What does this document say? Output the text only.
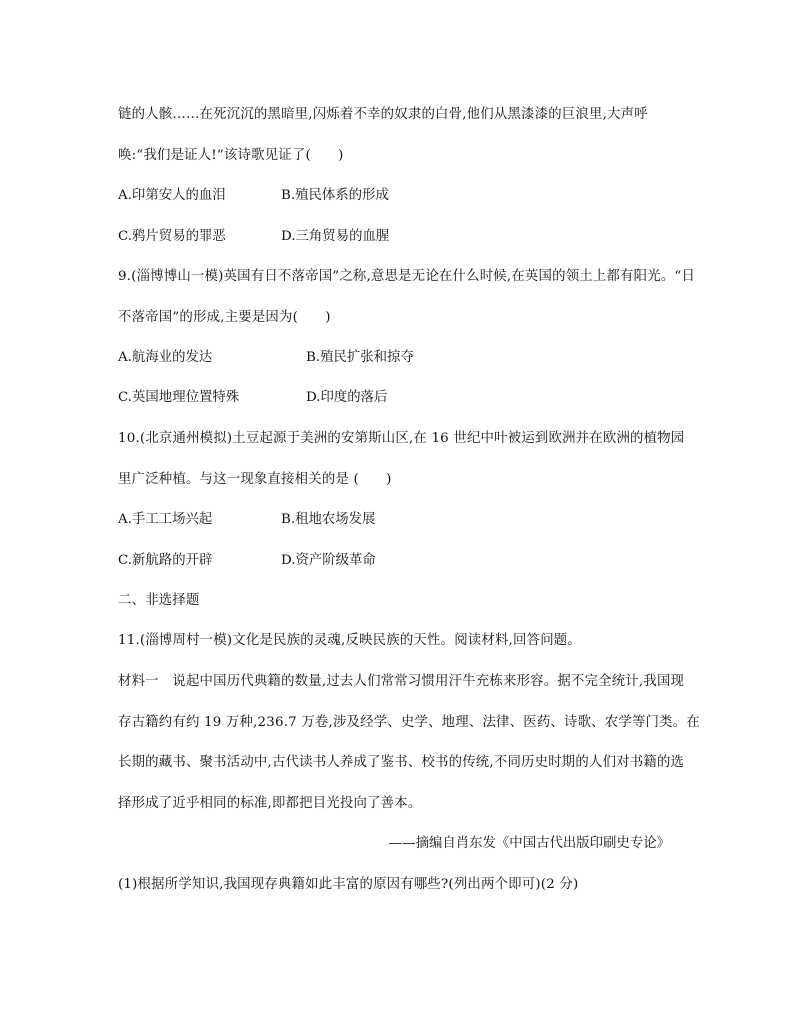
链的人骸……在死沉沉的黑暗里,闪烁着不幸的奴隶的白骨,他们从黑漆漆的巨浪里,大声呼
唤:“我们是证人!”该诗歌见证了(　　)
A.印第安人的血泪	B.殖民体系的形成
C.鸦片贸易的罪恶	D.三角贸易的血腥
9.(淄博博山一模)英国有日不落帝国”之称,意思是无论在什么时候,在英国的领土上都有阳光。“日
不落帝国”的形成,主要是因为(　　)
A.航海业的发达	B.殖民扩张和掠夺
C.英国地理位置特殊	D.印度的落后
10.(北京通州模拟)土豆起源于美洲的安第斯山区,在 16 世纪中叶被运到欧洲并在欧洲的植物园
里广泛种植。与这一现象直接相关的是 (　　)
A.手工工场兴起	B.租地农场发展
C.新航路的开辟	D.资产阶级革命
二、非选择题
11.(淄博周村一模)文化是民族的灵魂,反映民族的天性。阅读材料,回答问题。
材料一　说起中国历代典籍的数量,过去人们常常习惯用汗牛充栋来形容。据不完全统计,我国现
存古籍约有约 19 万种,236.7 万卷,涉及经学、史学、地理、法律、医药、诗歌、农学等门类。在
长期的藏书、聚书活动中,古代读书人养成了鉴书、校书的传统,不同历史时期的人们对书籍的选
择形成了近乎相同的标准,即都把目光投向了善本。
——摘编自肖东发《中国古代出版印刷史专论》
(1)根据所学知识,我国现存典籍如此丰富的原因有哪些?(列出两个即可)(2 分)
